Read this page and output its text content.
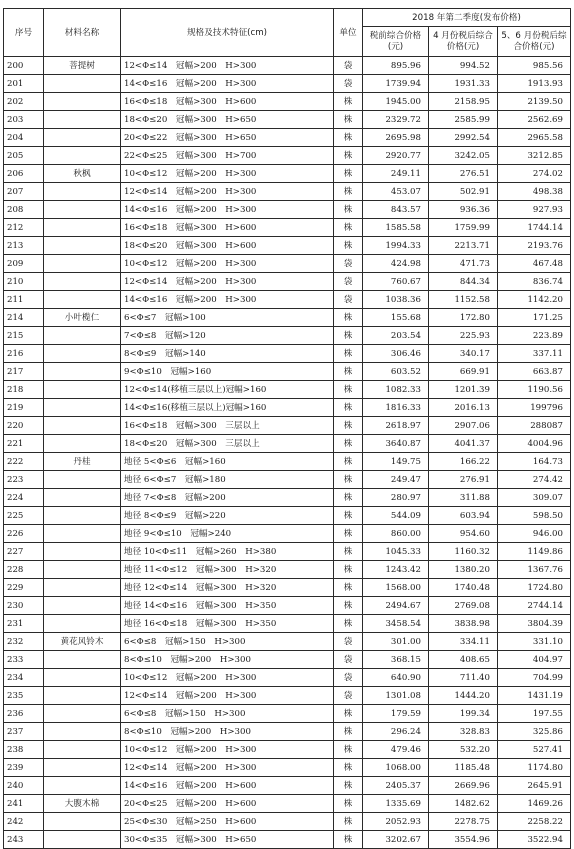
序号	材料名称	规格及技术特征(cm)	单位	2018 年第二季度(发布价格)		
				税前综合价格(元)	4 月份税后综合价格(元)	5、6 月份税后综合价格(元)
200	菩提树	12<Φ≤14　冠幅>200　H>300	袋	895.96	994.52	985.56
201		14<Φ≤16　冠幅>200　H>300	袋	1739.94	1931.33	1913.93
202		16<Φ≤18　冠幅>300　H>600	株	1945.00	2158.95	2139.50
203		18<Φ≤20　冠幅>300　H>650	株	2329.72	2585.99	2562.69
204		20<Φ≤22　冠幅>300　H>650	株	2695.98	2992.54	2965.58
205		22<Φ≤25　冠幅>300　H>700	株	2920.77	3242.05	3212.85
206	秋枫	10<Φ≤12　冠幅>200　H>300	株	249.11	276.51	274.02
207		12<Φ≤14　冠幅>200　H>300	株	453.07	502.91	498.38
208		14<Φ≤16　冠幅>200　H>300	株	843.57	936.36	927.93
212		16<Φ≤18　冠幅>300　H>600	株	1585.58	1759.99	1744.14
213		18<Φ≤20　冠幅>300　H>600	株	1994.33	2213.71	2193.76
209		10<Φ≤12　冠幅>200　H>300	袋	424.98	471.73	467.48
210		12<Φ≤14　冠幅>200　H>300	袋	760.67	844.34	836.74
211		14<Φ≤16　冠幅>200　H>300	袋	1038.36	1152.58	1142.20
214	小叶榄仁	6<Φ≤7　冠幅>100	株	155.68	172.80	171.25
215		7<Φ≤8　冠幅>120	株	203.54	225.93	223.89
216		8<Φ≤9　冠幅>140	株	306.46	340.17	337.11
217		9<Φ≤10　冠幅>160	株	603.52	669.91	663.87
218		12<Φ≤14(移植三层以上)冠幅>160	株	1082.33	1201.39	1190.56
219		14<Φ≤16(移植三层以上)冠幅>160	株	1816.33	2016.13	199796
220		16<Φ≤18　冠幅>300　三层以上	株	2618.97	2907.06	288087
221		18<Φ≤20　冠幅>300　三层以上	株	3640.87	4041.37	4004.96
222	丹桂	地径 5<Φ≤6　冠幅>160	株	149.75	166.22	164.73
223		地径 6<Φ≤7　冠幅>180	株	249.47	276.91	274.42
224		地径 7<Φ≤8　冠幅>200	株	280.97	311.88	309.07
225		地径 8<Φ≤9　冠幅>220	株	544.09	603.94	598.50
226		地径 9<Φ≤10　冠幅>240	株	860.00	954.60	946.00
227		地径 10<Φ≤11　冠幅>260　H>380	株	1045.33	1160.32	1149.86
228		地径 11<Φ≤12　冠幅>300　H>320	株	1243.42	1380.20	1367.76
229		地径 12<Φ≤14　冠幅>300　H>320	株	1568.00	1740.48	1724.80
230		地径 14<Φ≤16　冠幅>300　H>350	株	2494.67	2769.08	2744.14
231		地径 16<Φ≤18　冠幅>300　H>350	株	3458.54	3838.98	3804.39
232	黄花风铃木	6<Φ≤8　冠幅>150　H>300	袋	301.00	334.11	331.10
233		8<Φ≤10　冠幅>200　H>300	袋	368.15	408.65	404.97
234		10<Φ≤12　冠幅>200　H>300	袋	640.90	711.40	704.99
235		12<Φ≤14　冠幅>200　H>300	袋	1301.08	1444.20	1431.19
236		6<Φ≤8　冠幅>150　H>300	株	179.59	199.34	197.55
237		8<Φ≤10　冠幅>200　H>300	株	296.24	328.83	325.86
238		10<Φ≤12　冠幅>200　H>300	株	479.46	532.20	527.41
239		12<Φ≤14　冠幅>200　H>300	株	1068.00	1185.48	1174.80
240		14<Φ≤16　冠幅>200　H>600	株	2405.37	2669.96	2645.91
241	大腹木棉	20<Φ≤25　冠幅>200　H>600	株	1335.69	1482.62	1469.26
242		25<Φ≤30　冠幅>250　H>600	株	2052.93	2278.75	2258.22
243		30<Φ≤35　冠幅>300　H>650	株	3202.67	3554.96	3522.94
